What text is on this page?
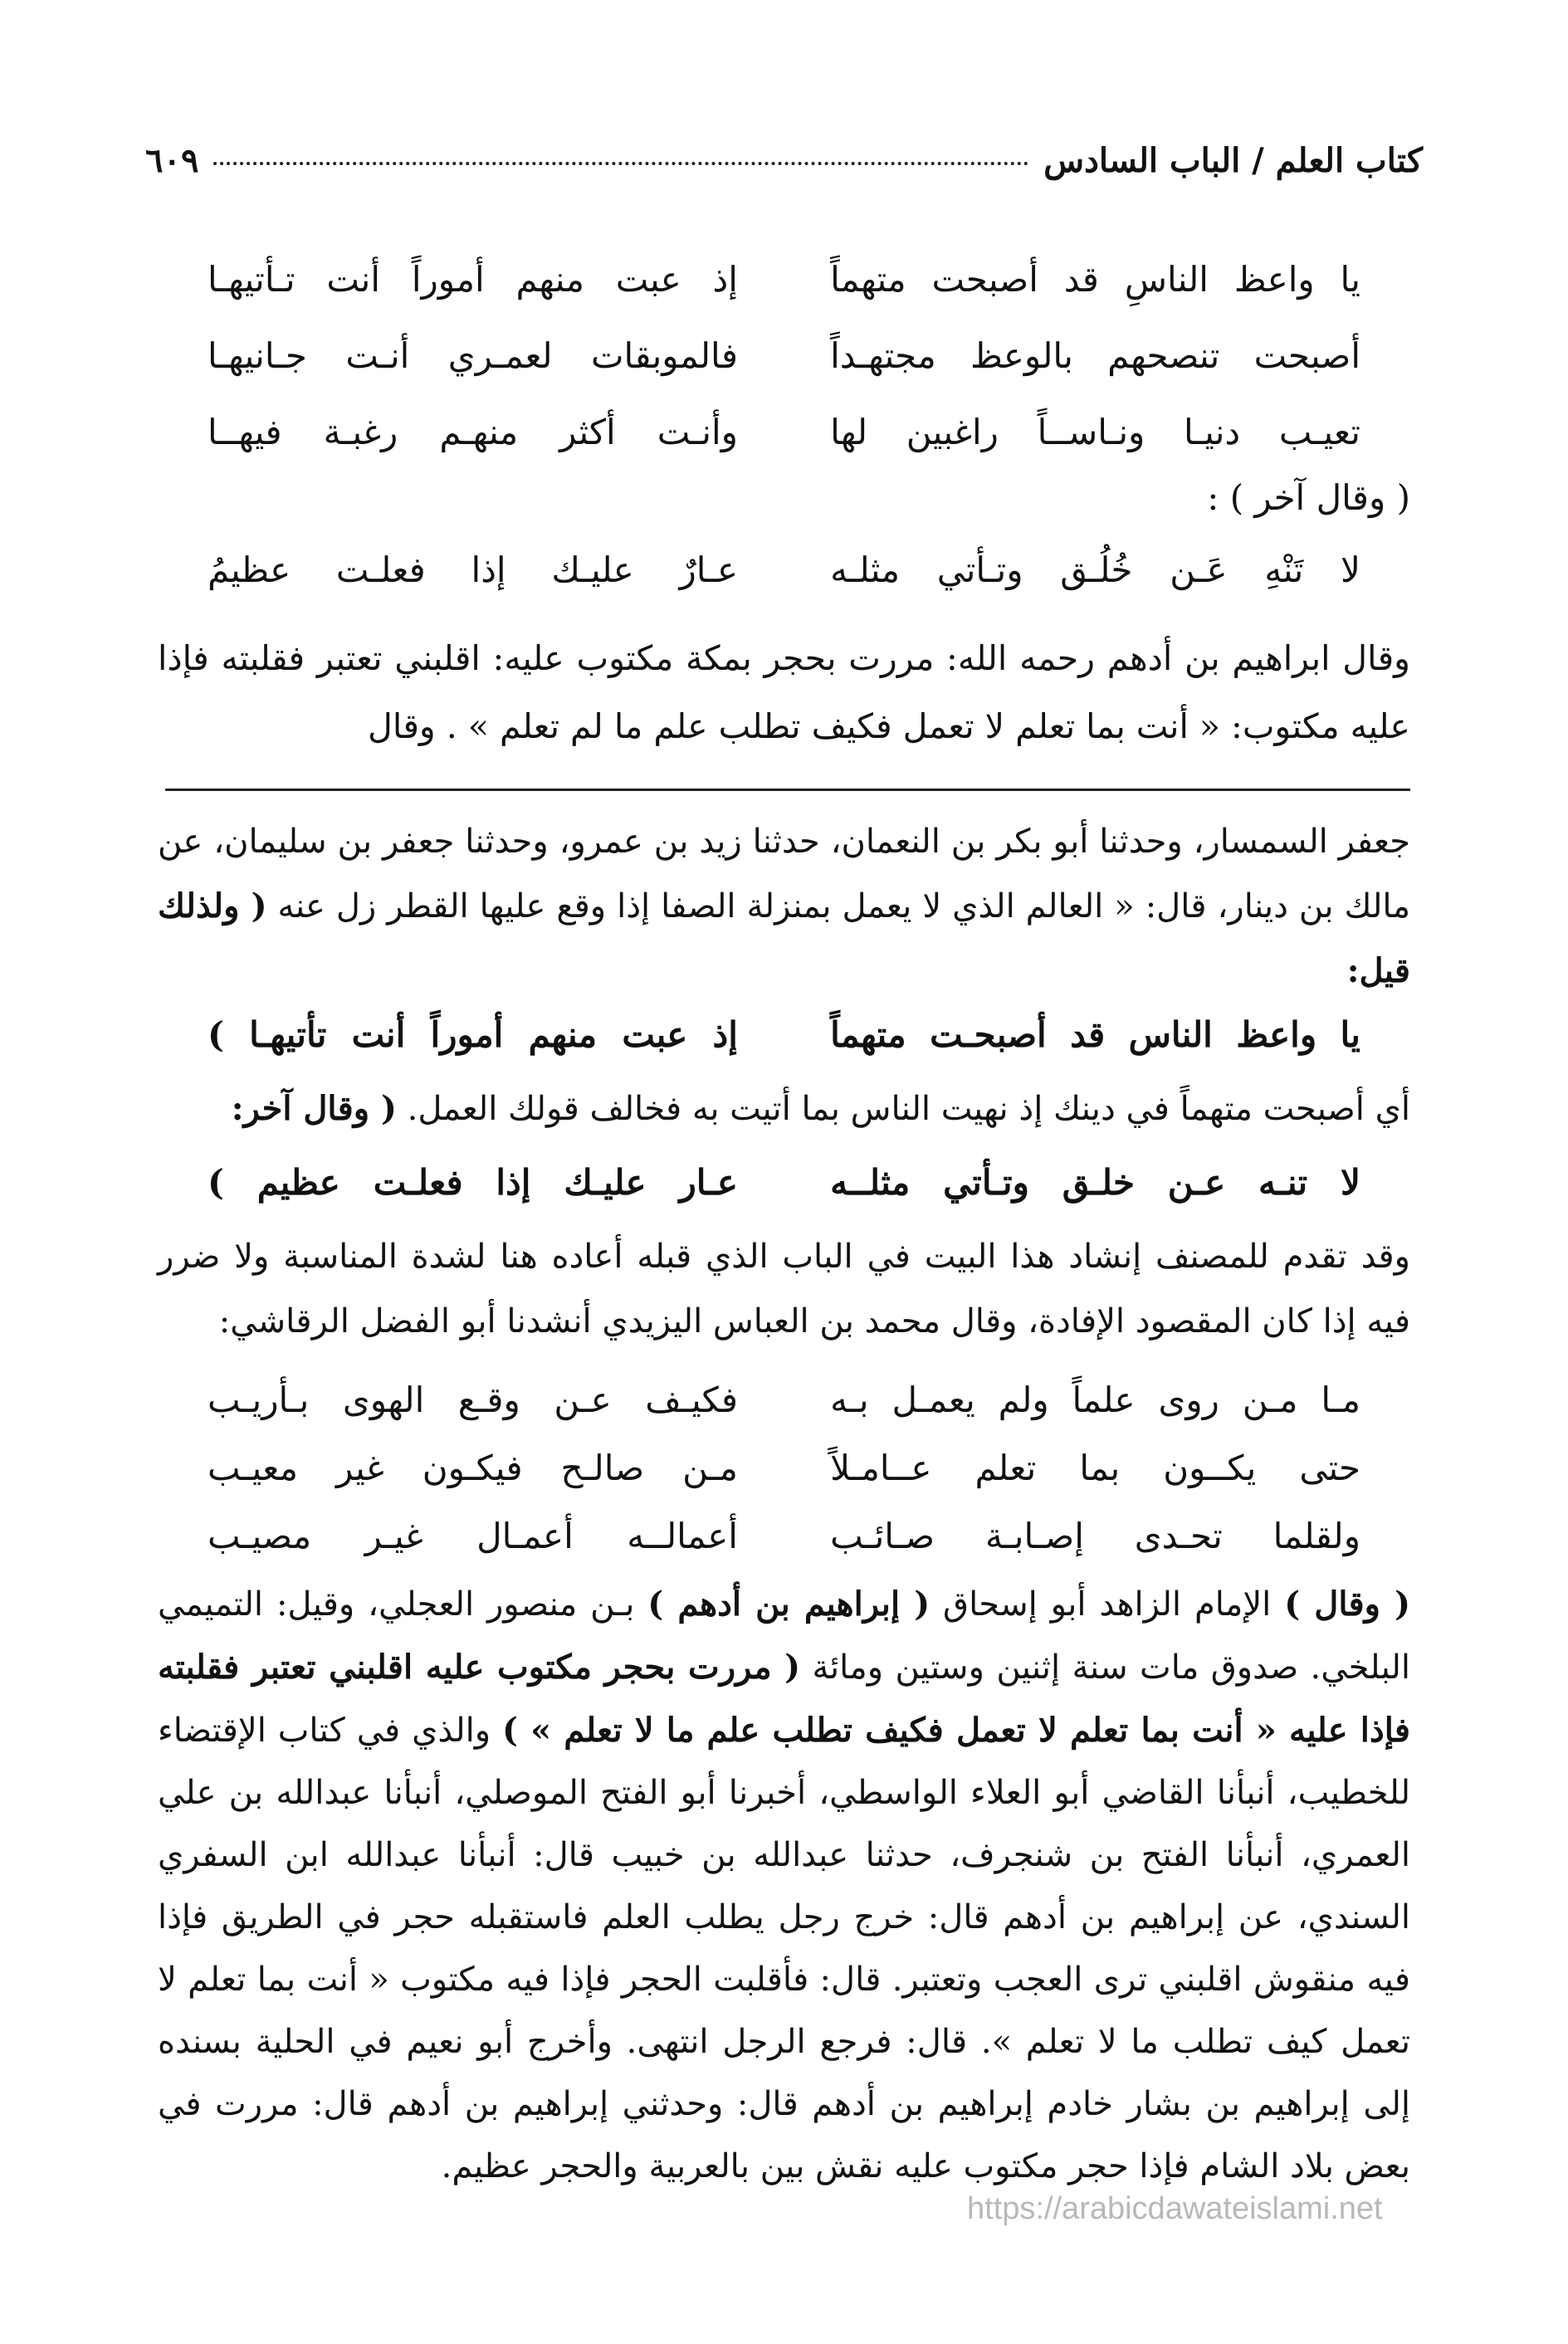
كتاب العلم / الباب السادس
٦٠٩
يا واعظ الناسِ قد أصبحت متهماً
إذ عبت منهم أموراً أنت تـأتيهـا
أصبحت تنصحهم بالوعظ مجتهـداً
فالموبقات لعمـري أنـت جـانيهـا
تعيـب دنيـا ونـاســاً راغبين لها
وأنـت أكثر منهـم رغبـة فيهــا
( وقال آخر ) :
لا تَنْهِ عَـن خُلُـق وتـأتي مثلـه
عـارٌ عليـك إذا فعلـت عظيمُ
وقال ابراهيم بن أدهم رحمه الله: مررت بحجر بمكة مكتوب عليه: اقلبني تعتبر فقلبته فإذا عليه مكتوب: « أنت بما تعلم لا تعمل فكيف تطلب علم ما لم تعلم » . وقال
جعفر السمسار، وحدثنا أبو بكر بن النعمان، حدثنا زيد بن عمرو، وحدثنا جعفر بن سليمان، عن مالك بن دينار، قال: « العالم الذي لا يعمل بمنزلة الصفا إذا وقع عليها القطر زل عنه ( ولذلك قيل:
يا واعظ الناس قد أصبحـت متهماً
إذ عبت منهم أموراً أنت تأتيهـا )
أي أصبحت متهماً في دينك إذ نهيت الناس بما أتيت به فخالف قولك العمل. ( وقال آخر:
لا تنـه عـن خلـق وتـأتي مثلــه
عـار عليـك إذا فعلـت عظيم )
وقد تقدم للمصنف إنشاد هذا البيت في الباب الذي قبله أعاده هنا لشدة المناسبة ولا ضرر فيه إذا كان المقصود الإفادة، وقال محمد بن العباس اليزيدي أنشدنا أبو الفضل الرقاشي:
مـا مـن روى علماً ولم يعمـل بـه
فكيـف عـن وقـع الهوى بـأريـب
حتى يكــون بما تعلم عــامـلاً
مـن صالـح فيكـون غير معيـب
ولقلما تحـدى إصـابـة صـائـب
أعمالــه أعمـال غيـر مصيـب
( وقال ) الإمام الزاهد أبو إسحاق ( إبراهيم بن أدهم ) بـن منصور العجلي، وقيل: التميمي البلخي. صدوق مات سنة إثنين وستين ومائة ( مررت بحجر مكتوب عليه اقلبني تعتبر فقلبته فإذا عليه « أنت بما تعلم لا تعمل فكيف تطلب علم ما لا تعلم » ) والذي في كتاب الإقتضاء للخطيب، أنبأنا القاضي أبو العلاء الواسطي، أخبرنا أبو الفتح الموصلي، أنبأنا عبدالله بن علي العمري، أنبأنا الفتح بن شنجرف، حدثنا عبدالله بن خبيب قال: أنبأنا عبدالله ابن السفري السندي، عن إبراهيم بن أدهم قال: خرج رجل يطلب العلم فاستقبله حجر في الطريق فإذا فيه منقوش اقلبني ترى العجب وتعتبر. قال: فأقلبت الحجر فإذا فيه مكتوب « أنت بما تعلم لا تعمل كيف تطلب ما لا تعلم ». قال: فرجع الرجل انتهى. وأخرج أبو نعيم في الحلية بسنده إلى إبراهيم بن بشار خادم إبراهيم بن أدهم قال: وحدثني إبراهيم بن أدهم قال: مررت في بعض بلاد الشام فإذا حجر مكتوب عليه نقش بين بالعربية والحجر عظيم.
https://arabicdawateislami.net
